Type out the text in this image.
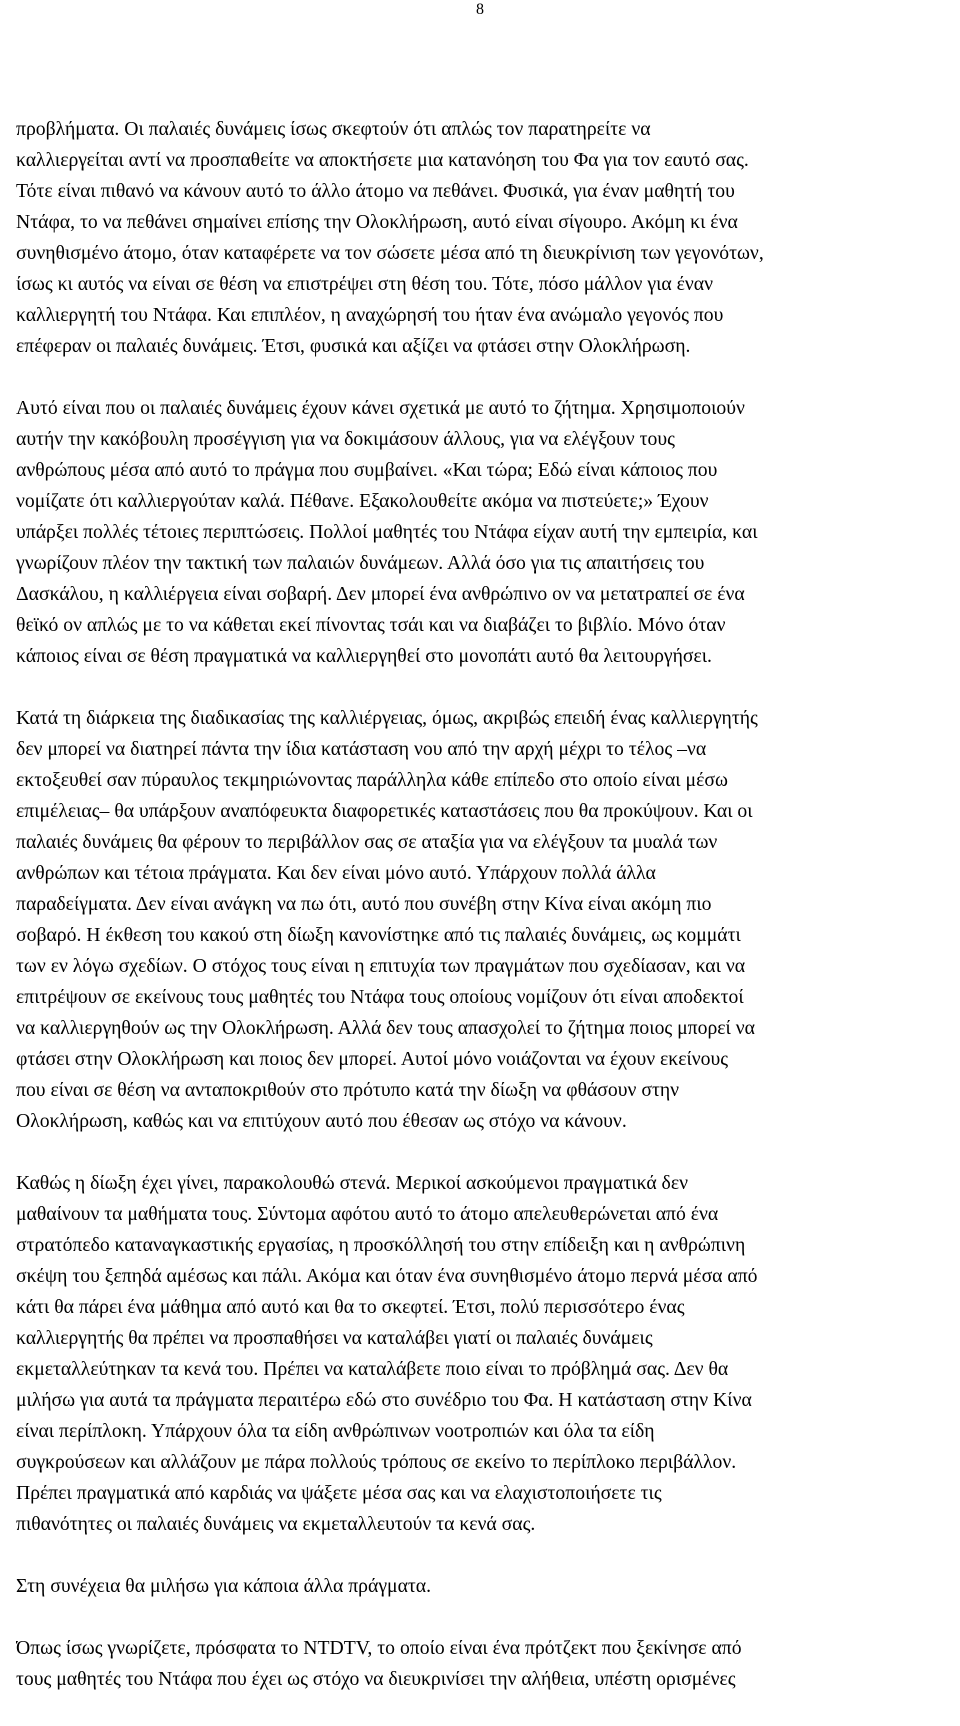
8
προβλήματα. Οι παλαιές δυνάμεις ίσως σκεφτούν ότι απλώς τον παρατηρείτε να
καλλιεργείται αντί να προσπαθείτε να αποκτήσετε μια κατανόηση του Φα για τον εαυτό σας.
Τότε είναι πιθανό να κάνουν αυτό το άλλο άτομο να πεθάνει. Φυσικά, για έναν μαθητή του
Ντάφα, το να πεθάνει σημαίνει επίσης την Ολοκλήρωση, αυτό είναι σίγουρο. Ακόμη κι ένα
συνηθισμένο άτομο, όταν καταφέρετε να τον σώσετε μέσα από τη διευκρίνιση των γεγονότων,
ίσως κι αυτός να είναι σε θέση να επιστρέψει στη θέση του. Τότε, πόσο μάλλον για έναν
καλλιεργητή του Ντάφα. Και επιπλέον, η αναχώρησή του ήταν ένα ανώμαλο γεγονός που
επέφεραν οι παλαιές δυνάμεις. Έτσι, φυσικά και αξίζει να φτάσει στην Ολοκλήρωση.
Αυτό είναι που οι παλαιές δυνάμεις έχουν κάνει σχετικά με αυτό το ζήτημα. Χρησιμοποιούν
αυτήν την κακόβουλη προσέγγιση για να δοκιμάσουν άλλους, για να ελέγξουν τους
ανθρώπους μέσα από αυτό το πράγμα που συμβαίνει. «Και τώρα; Εδώ είναι κάποιος που
νομίζατε ότι καλλιεργούταν καλά. Πέθανε. Εξακολουθείτε ακόμα να πιστεύετε;» Έχουν
υπάρξει πολλές τέτοιες περιπτώσεις. Πολλοί μαθητές του Ντάφα είχαν αυτή την εμπειρία, και
γνωρίζουν πλέον την τακτική των παλαιών δυνάμεων. Αλλά όσο για τις απαιτήσεις του
Δασκάλου, η καλλιέργεια είναι σοβαρή. Δεν μπορεί ένα ανθρώπινο ον να μετατραπεί σε ένα
θεϊκό ον απλώς με το να κάθεται εκεί πίνοντας τσάι και να διαβάζει το βιβλίο. Μόνο όταν
κάποιος είναι σε θέση πραγματικά να καλλιεργηθεί στο μονοπάτι αυτό θα λειτουργήσει.
Κατά τη διάρκεια της διαδικασίας της καλλιέργειας, όμως, ακριβώς επειδή ένας καλλιεργητής
δεν μπορεί να διατηρεί πάντα την ίδια κατάσταση νου από την αρχή μέχρι το τέλος –να
εκτοξευθεί σαν πύραυλος τεκμηριώνοντας παράλληλα κάθε επίπεδο στο οποίο είναι μέσω
επιμέλειας– θα υπάρξουν αναπόφευκτα διαφορετικές καταστάσεις που θα προκύψουν. Και οι
παλαιές δυνάμεις θα φέρουν το περιβάλλον σας σε αταξία για να ελέγξουν τα μυαλά των
ανθρώπων και τέτοια πράγματα. Και δεν είναι μόνο αυτό. Υπάρχουν πολλά άλλα
παραδείγματα. Δεν είναι ανάγκη να πω ότι, αυτό που συνέβη στην Κίνα είναι ακόμη πιο
σοβαρό. Η έκθεση του κακού στη δίωξη κανονίστηκε από τις παλαιές δυνάμεις, ως κομμάτι
των εν λόγω σχεδίων. Ο στόχος τους είναι η επιτυχία των πραγμάτων που σχεδίασαν, και να
επιτρέψουν σε εκείνους τους μαθητές του Ντάφα τους οποίους νομίζουν ότι είναι αποδεκτοί
να καλλιεργηθούν ως την Ολοκλήρωση. Αλλά δεν τους απασχολεί το ζήτημα ποιος μπορεί να
φτάσει στην Ολοκλήρωση και ποιος δεν μπορεί. Αυτοί μόνο νοιάζονται να έχουν εκείνους
που είναι σε θέση να ανταποκριθούν στο πρότυπο κατά την δίωξη να φθάσουν στην
Ολοκλήρωση, καθώς και να επιτύχουν αυτό που έθεσαν ως στόχο να κάνουν.
Καθώς η δίωξη έχει γίνει, παρακολουθώ στενά. Μερικοί ασκούμενοι πραγματικά δεν
μαθαίνουν τα μαθήματα τους. Σύντομα αφότου αυτό το άτομο απελευθερώνεται από ένα
στρατόπεδο καταναγκαστικής εργασίας, η προσκόλλησή του στην επίδειξη και η ανθρώπινη
σκέψη του ξεπηδά αμέσως και πάλι. Ακόμα και όταν ένα συνηθισμένο άτομο περνά μέσα από
κάτι θα πάρει ένα μάθημα από αυτό και θα το σκεφτεί. Έτσι, πολύ περισσότερο ένας
καλλιεργητής θα πρέπει να προσπαθήσει να καταλάβει γιατί οι παλαιές δυνάμεις
εκμεταλλεύτηκαν τα κενά του. Πρέπει να καταλάβετε ποιο είναι το πρόβλημά σας. Δεν θα
μιλήσω για αυτά τα πράγματα περαιτέρω εδώ στο συνέδριο του Φα. Η κατάσταση στην Κίνα
είναι περίπλοκη. Υπάρχουν όλα τα είδη ανθρώπινων νοοτροπιών και όλα τα είδη
συγκρούσεων και αλλάζουν με πάρα πολλούς τρόπους σε εκείνο το περίπλοκο περιβάλλον.
Πρέπει πραγματικά από καρδιάς να ψάξετε μέσα σας και να ελαχιστοποιήσετε τις
πιθανότητες οι παλαιές δυνάμεις να εκμεταλλευτούν τα κενά σας.
Στη συνέχεια θα μιλήσω για κάποια άλλα πράγματα.
Όπως ίσως γνωρίζετε, πρόσφατα το NTDTV, το οποίο είναι ένα πρότζεκτ που ξεκίνησε από
τους μαθητές του Ντάφα που έχει ως στόχο να διευκρινίσει την αλήθεια, υπέστη ορισμένες
